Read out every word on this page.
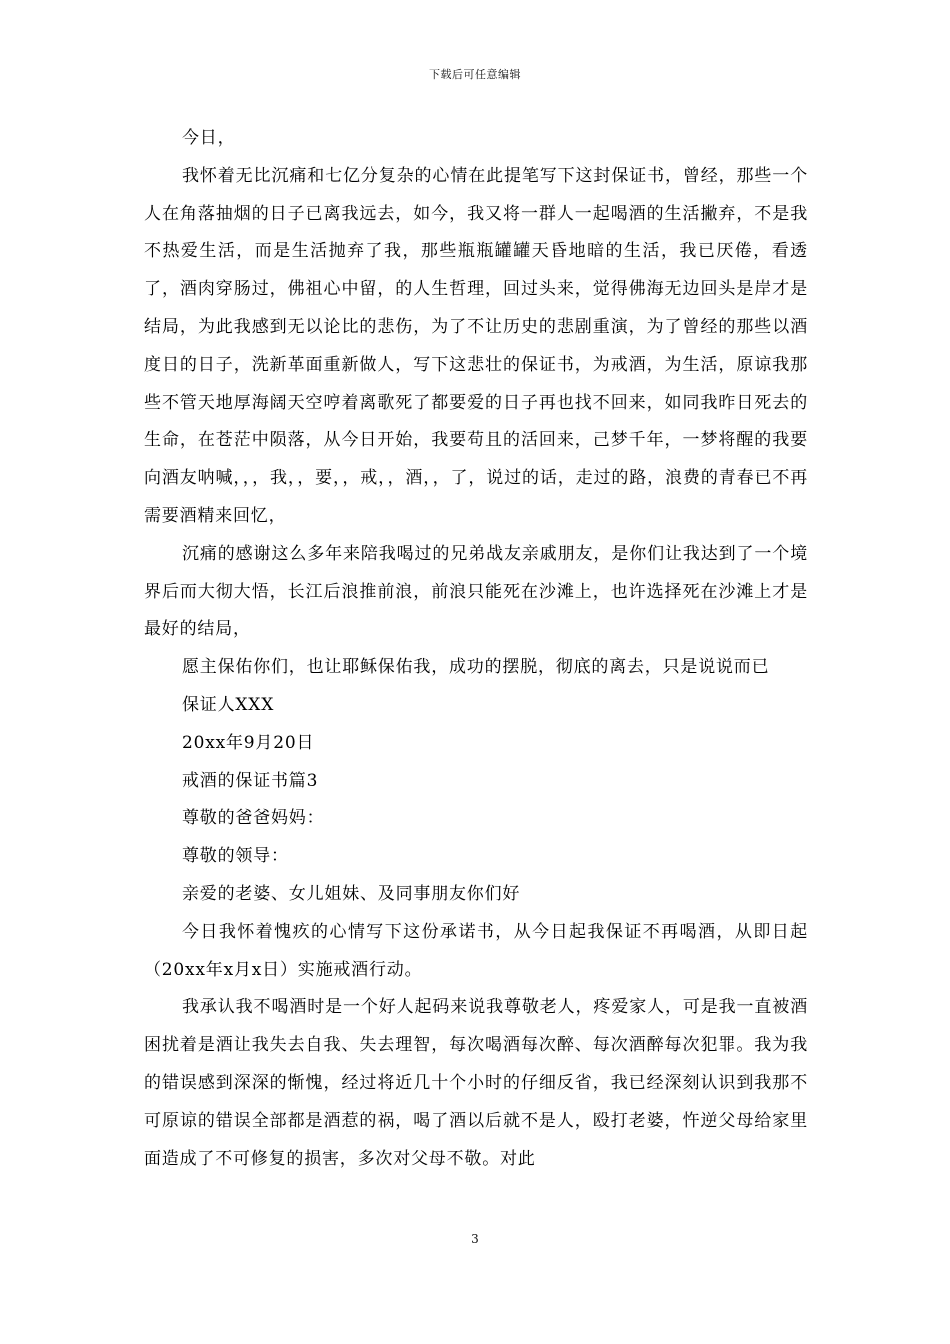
下载后可任意编辑

今日，

我怀着无比沉痛和七亿分复杂的心情在此提笔写下这封保证书，曾经，那些一个人在角落抽烟的日子已离我远去，如今，我又将一群人一起喝酒的生活撇弃，不是我不热爱生活，而是生活抛弃了我，那些瓶瓶罐罐天昏地暗的生活，我已厌倦，看透了，酒肉穿肠过，佛祖心中留，的人生哲理，回过头来，觉得佛海无边回头是岸才是结局，为此我感到无以论比的悲伤，为了不让历史的悲剧重演，为了曾经的那些以酒度日的日子，洗新革面重新做人，写下这悲壮的保证书，为戒酒，为生活，原谅我那些不管天地厚海阔天空哼着离歌死了都要爱的日子再也找不回来，如同我昨日死去的生命，在苍茫中陨落，从今日开始，我要苟且的活回来，己梦千年，一梦将醒的我要向酒友呐喊，，，我，，要，，戒，，酒，，了，说过的话，走过的路，浪费的青春已不再需要酒精来回忆，

沉痛的感谢这么多年来陪我喝过的兄弟战友亲戚朋友，是你们让我达到了一个境界后而大彻大悟，长江后浪推前浪，前浪只能死在沙滩上，也许选择死在沙滩上才是最好的结局，

愿主保佑你们，也让耶稣保佑我，成功的摆脱，彻底的离去，只是说说而已

保证人XXX

20xx年9月20日

戒酒的保证书篇3

尊敬的爸爸妈妈：

尊敬的领导：

亲爱的老婆、女儿姐妹、及同事朋友你们好

今日我怀着愧疚的心情写下这份承诺书，从今日起我保证不再喝酒，从即日起（20xx年x月x日）实施戒酒行动。

我承认我不喝酒时是一个好人起码来说我尊敬老人，疼爱家人，可是我一直被酒困扰着是酒让我失去自我、失去理智，每次喝酒每次醉、每次酒醉每次犯罪。我为我的错误感到深深的惭愧，经过将近几十个小时的仔细反省，我已经深刻认识到我那不可原谅的错误全部都是酒惹的祸，喝了酒以后就不是人，殴打老婆，忤逆父母给家里面造成了不可修复的损害，多次对父母不敬。对此

3
